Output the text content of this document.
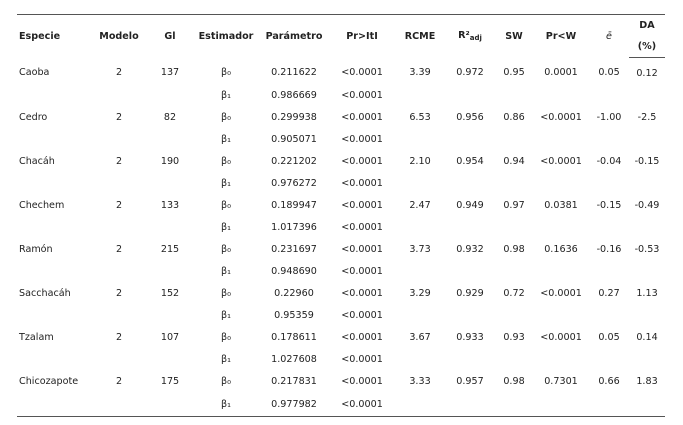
Especie	Modelo	Gl	Estimador	Parámetro	Pr>ItI	RCME	$R^2_{adj}$	SW	Pr<W	ē	DA
											(%)
Caoba	2	137	β₀	0.211622	<0.0001	3.39	0.972	0.95	0.0001	0.05	0.12
			β₁	0.986669	<0.0001						
Cedro	2	82	β₀	0.299938	<0.0001	6.53	0.956	0.86	<0.0001	-1.00	-2.5
			β₁	0.905071	<0.0001						
Chacáh	2	190	β₀	0.221202	<0.0001	2.10	0.954	0.94	<0.0001	-0.04	-0.15
			β₁	0.976272	<0.0001						
Chechem	2	133	β₀	0.189947	<0.0001	2.47	0.949	0.97	0.0381	-0.15	-0.49
			β₁	1.017396	<0.0001						
Ramón	2	215	β₀	0.231697	<0.0001	3.73	0.932	0.98	0.1636	-0.16	-0.53
			β₁	0.948690	<0.0001						
Sacchacáh	2	152	β₀	0.22960	<0.0001	3.29	0.929	0.72	<0.0001	0.27	1.13
			β₁	0.95359	<0.0001						
Tzalam	2	107	β₀	0.178611	<0.0001	3.67	0.933	0.93	<0.0001	0.05	0.14
			β₁	1.027608	<0.0001						
Chicozapote	2	175	β₀	0.217831	<0.0001	3.33	0.957	0.98	0.7301	0.66	1.83
			β₁	0.977982	<0.0001						
